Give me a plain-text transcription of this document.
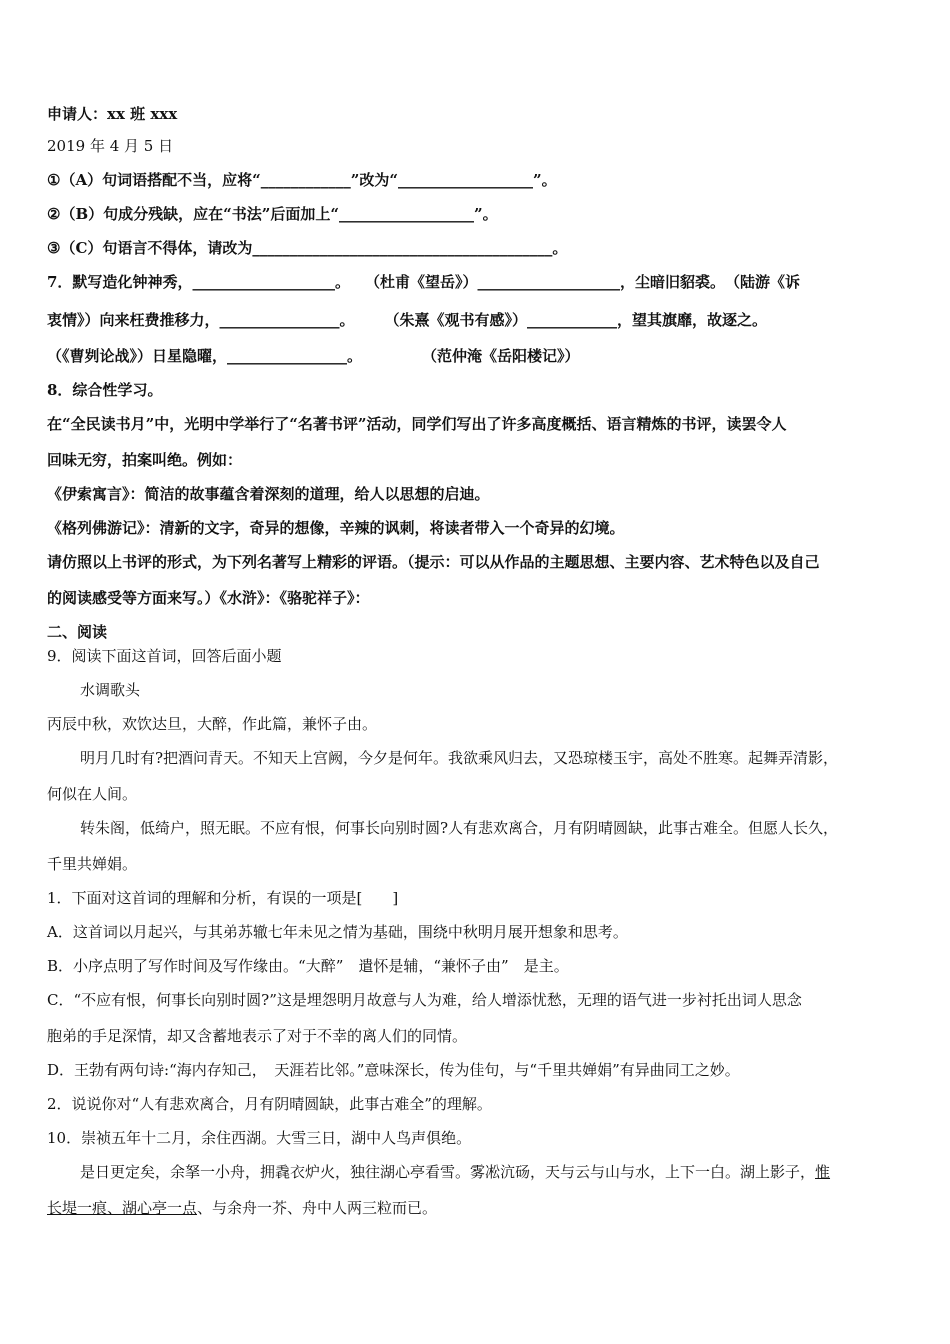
申请人：xx 班 xxx
2019 年 4 月 5 日
①（A）句词语搭配不当，应将“____________”改为“__________________”。
②（B）句成分残缺，应在“书法”后面加上“__________________”。
③（C）句语言不得体，请改为________________________________________。
7．默写造化钟神秀，___________________。　　（杜甫《望岳》）___________________，尘暗旧貂裘。　（陆游《诉
衷情》）向来枉费推移力，________________。　　　（朱熹《观书有感》）____________，望其旗靡，故逐之。
（《曹刿论战》）日星隐曜，________________。　　　　　（范仲淹《岳阳楼记》）
8．综合性学习。
在“全民读书月”中，光明中学举行了“名著书评”活动，同学们写出了许多高度概括、语言精炼的书评，读罢令人
回味无穷，拍案叫绝。例如：
《伊索寓言》：简洁的故事蕴含着深刻的道理，给人以思想的启迪。
《格列佛游记》：清新的文字，奇异的想像，辛辣的讽刺，将读者带入一个奇异的幻境。
请仿照以上书评的形式，为下列名著写上精彩的评语。（提示：可以从作品的主题思想、主要内容、艺术特色以及自己
的阅读感受等方面来写。）《水浒》：《骆驼祥子》：
二、阅读
9．阅读下面这首词，回答后面小题
水调歌头
丙辰中秋，欢饮达旦，大醉，作此篇，兼怀子由。
明月几时有?把酒问青天。不知天上宫阙，今夕是何年。我欲乘风归去，又恐琼楼玉宇，高处不胜寒。起舞弄清影，
何似在人间。
转朱阁，低绮户，照无眠。不应有恨，何事长向别时圆?人有悲欢离合，月有阴晴圆缺，此事古难全。但愿人长久，
千里共婵娟。
1．下面对这首词的理解和分析，有误的一项是[　　]
A．这首词以月起兴，与其弟苏辙七年未见之情为基础，围绕中秋明月展开想象和思考。
B．小序点明了写作时间及写作缘由。“大醉”　遣怀是辅，“兼怀子由”　是主。
C．“不应有恨，何事长向别时圆?”这是埋怨明月故意与人为难，给人增添忧愁，无理的语气进一步衬托出词人思念
胞弟的手足深情，却又含蓄地表示了对于不幸的离人们的同情。
D．王勃有两句诗:“海内存知己，　天涯若比邻。”意味深长，传为佳句，与“千里共婵娟”有异曲同工之妙。
2．说说你对“人有悲欢离合，月有阴晴圆缺，此事古难全”的理解。
10．崇祯五年十二月，余住西湖。大雪三日，湖中人鸟声俱绝。
是日更定矣，余拏一小舟，拥毳衣炉火，独往湖心亭看雪。雾凇沆砀，天与云与山与水，上下一白。湖上影子，惟
长堤一痕、湖心亭一点、与余舟一芥、舟中人两三粒而已。
